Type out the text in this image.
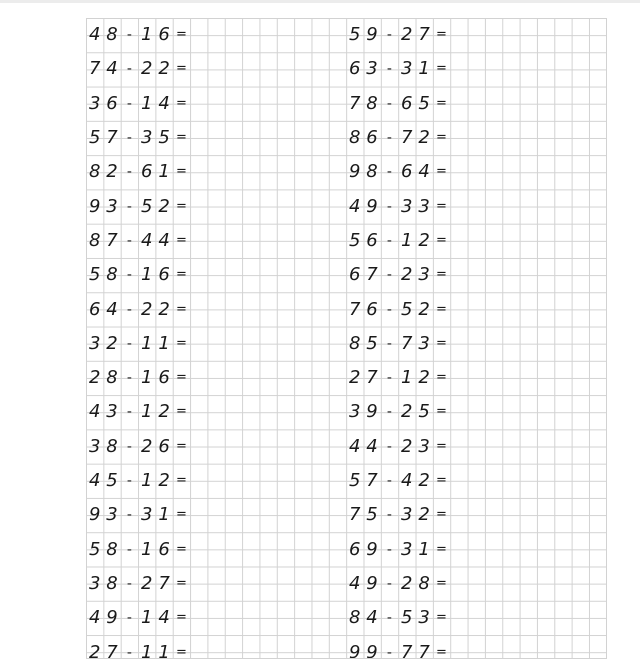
4 8 - 1 6 =
7 4 - 2 2 =
3 6 - 1 4 =
5 7 - 3 5 =
8 2 - 6 1 =
9 3 - 5 2 =
8 7 - 4 4 =
5 8 - 1 6 =
6 4 - 2 2 =
3 2 - 1 1 =
2 8 - 1 6 =
4 3 - 1 2 =
3 8 - 2 6 =
4 5 - 1 2 =
9 3 - 3 1 =
5 8 - 1 6 =
3 8 - 2 7 =
4 9 - 1 4 =
2 7 - 1 1 =
5 9 - 2 7 =
6 3 - 3 1 =
7 8 - 6 5 =
8 6 - 7 2 =
9 8 - 6 4 =
4 9 - 3 3 =
5 6 - 1 2 =
6 7 - 2 3 =
7 6 - 5 2 =
8 5 - 7 3 =
2 7 - 1 2 =
3 9 - 2 5 =
4 4 - 2 3 =
5 7 - 4 2 =
7 5 - 3 2 =
6 9 - 3 1 =
4 9 - 2 8 =
8 4 - 5 3 =
9 9 - 7 7 =
